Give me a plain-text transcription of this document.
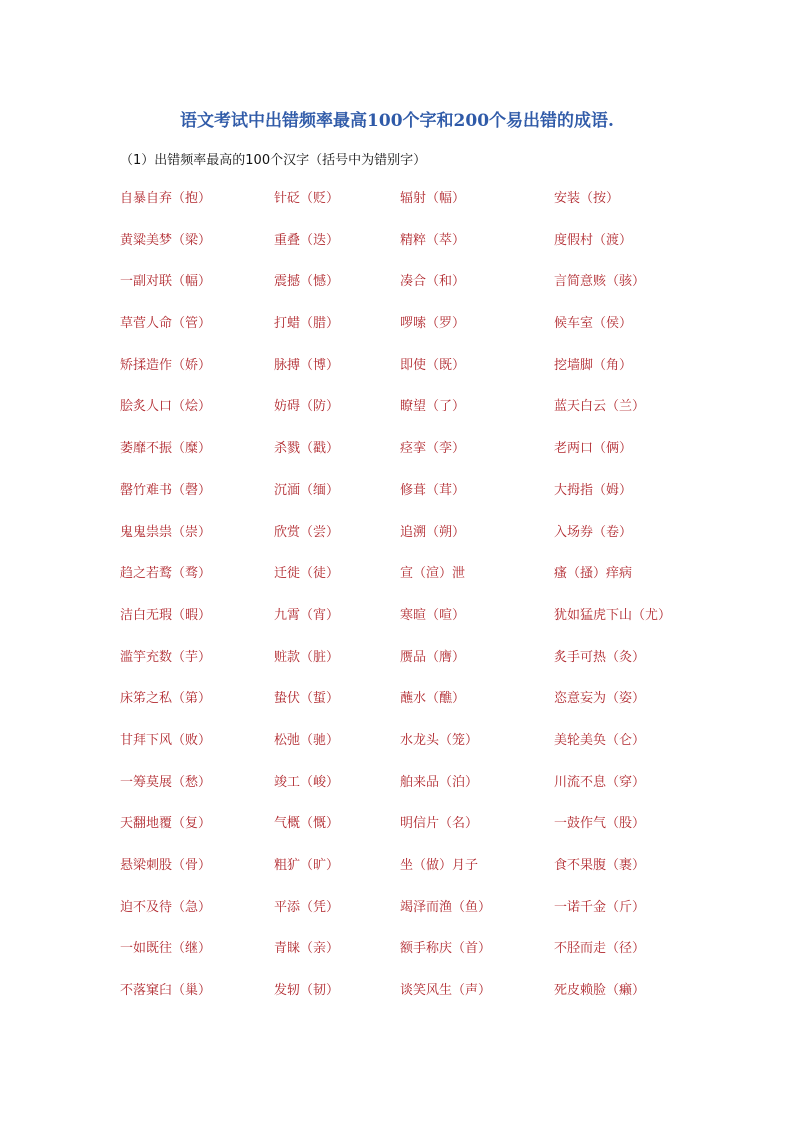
语文考试中出错频率最高100个字和200个易出错的成语.
（1）出错频率最高的100个汉字（括号中为错别字）
自暴自弃（抱）	针砭（贬）	辐射（幅）	安装（按）
黄粱美梦（梁）	重叠（迭）	精粹（萃）	度假村（渡）
一副对联（幅）	震撼（憾）	凑合（和）	言简意赅（骇）
草菅人命（管）	打蜡（腊）	啰嗦（罗）	候车室（侯）
矫揉造作（娇）	脉搏（博）	即使（既）	挖墙脚（角）
脍炙人口（烩）	妨碍（防）	瞭望（了）	蓝天白云（兰）
萎靡不振（糜）	杀戮（戳）	痉挛（孪）	老两口（俩）
罄竹难书（磬）	沉湎（缅）	修葺（茸）	大拇指（姆）
鬼鬼祟祟（崇）	欣赏（尝）	追溯（朔）	入场券（卷）
趋之若鹜（骛）	迁徙（徒）	宣（渲）泄	瘙（搔）痒病
洁白无瑕（暇）	九霄（宵）	寒暄（喧）	犹如猛虎下山（尤）
滥竽充数（芋）	赃款（脏）	赝品（膺）	炙手可热（灸）
床笫之私（第）	蛰伏（蜇）	蘸水（醮）	恣意妄为（姿）
甘拜下风（败）	松弛（驰）	水龙头（笼）	美轮美奂（仑）
一筹莫展（愁）	竣工（峻）	舶来品（泊）	川流不息（穿）
天翻地覆（复）	气概（慨）	明信片（名）	一鼓作气（股）
悬梁刺股（骨）	粗犷（旷）	坐（做）月子	食不果腹（裹）
迫不及待（急）	平添（凭）	竭泽而渔（鱼）	一诺千金（斤）
一如既往（继）	青睐（亲）	额手称庆（首）	不胫而走（径）
不落窠臼（巢）	发轫（韧）	谈笑风生（声）	死皮赖脸（癞）
